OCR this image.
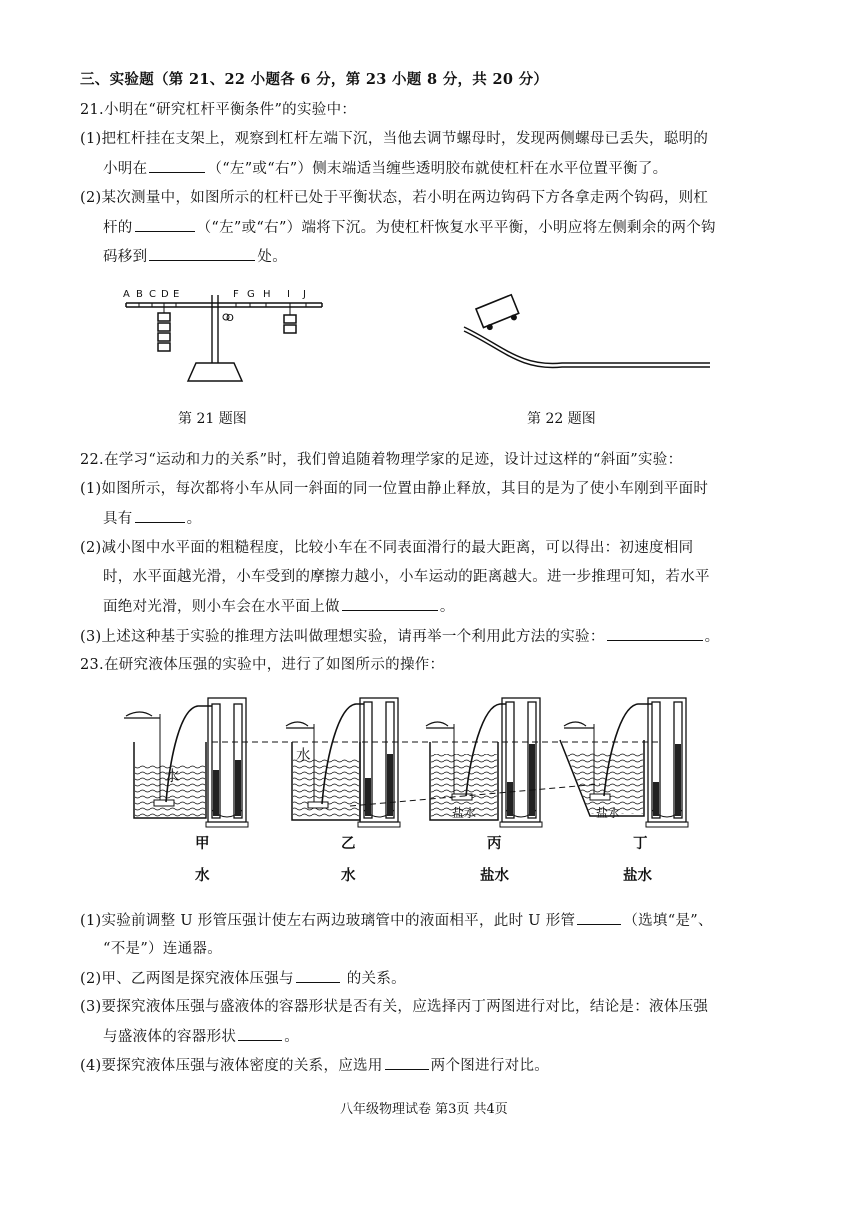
三、实验题（第 21、22 小题各 6 分，第 23 小题 8 分，共 20 分）
21.小明在“研究杠杆平衡条件”的实验中：
(1)把杠杆挂在支架上，观察到杠杆左端下沉，当他去调节螺母时，发现两侧螺母已丢失，聪明的
小明在	（“左”或“右”）侧末端适当缠些透明胶布就使杠杆在水平位置平衡了。
(2)某次测量中，如图所示的杠杆已处于平衡状态，若小明在两边钩码下方各拿走两个钩码，则杠
杆的	（“左”或“右”）端将下沉。为使杠杆恢复水平平衡，小明应将左侧剩余的两个钩
码移到	处。
A B C D E	F G H I J
O
第 21 题图	第 22 题图
22.在学习“运动和力的关系”时，我们曾追随着物理学家的足迹，设计过这样的“斜面”实验：
(1)如图所示，每次都将小车从同一斜面的同一位置由静止释放，其目的是为了使小车刚到平面时
具有	。
(2)减小图中水平面的粗糙程度，比较小车在不同表面滑行的最大距离，可以得出：初速度相同
时，水平面越光滑，小车受到的摩擦力越小，小车运动的距离越大。进一步推理可知，若水平
面绝对光滑，则小车会在水平面上做	。
(3)上述这种基于实验的推理方法叫做理想实验，请再举一个利用此方法的实验：	。
23.在研究液体压强的实验中，进行了如图所示的操作：
水
水
盐水	盐水
甲	乙	丙	丁
水	水	盐水	盐水
(1)实验前调整 U 形管压强计使左右两边玻璃管中的液面相平，此时 U 形管	（选填“是”、
“不是”）连通器。
(2)甲、乙两图是探究液体压强与	的关系。
(3)要探究液体压强与盛液体的容器形状是否有关，应选择丙丁两图进行对比，结论是：液体压强
与盛液体的容器形状	。
(4)要探究液体压强与液体密度的关系，应选用	两个图进行对比。
八年级物理试卷 第3页 共4页
